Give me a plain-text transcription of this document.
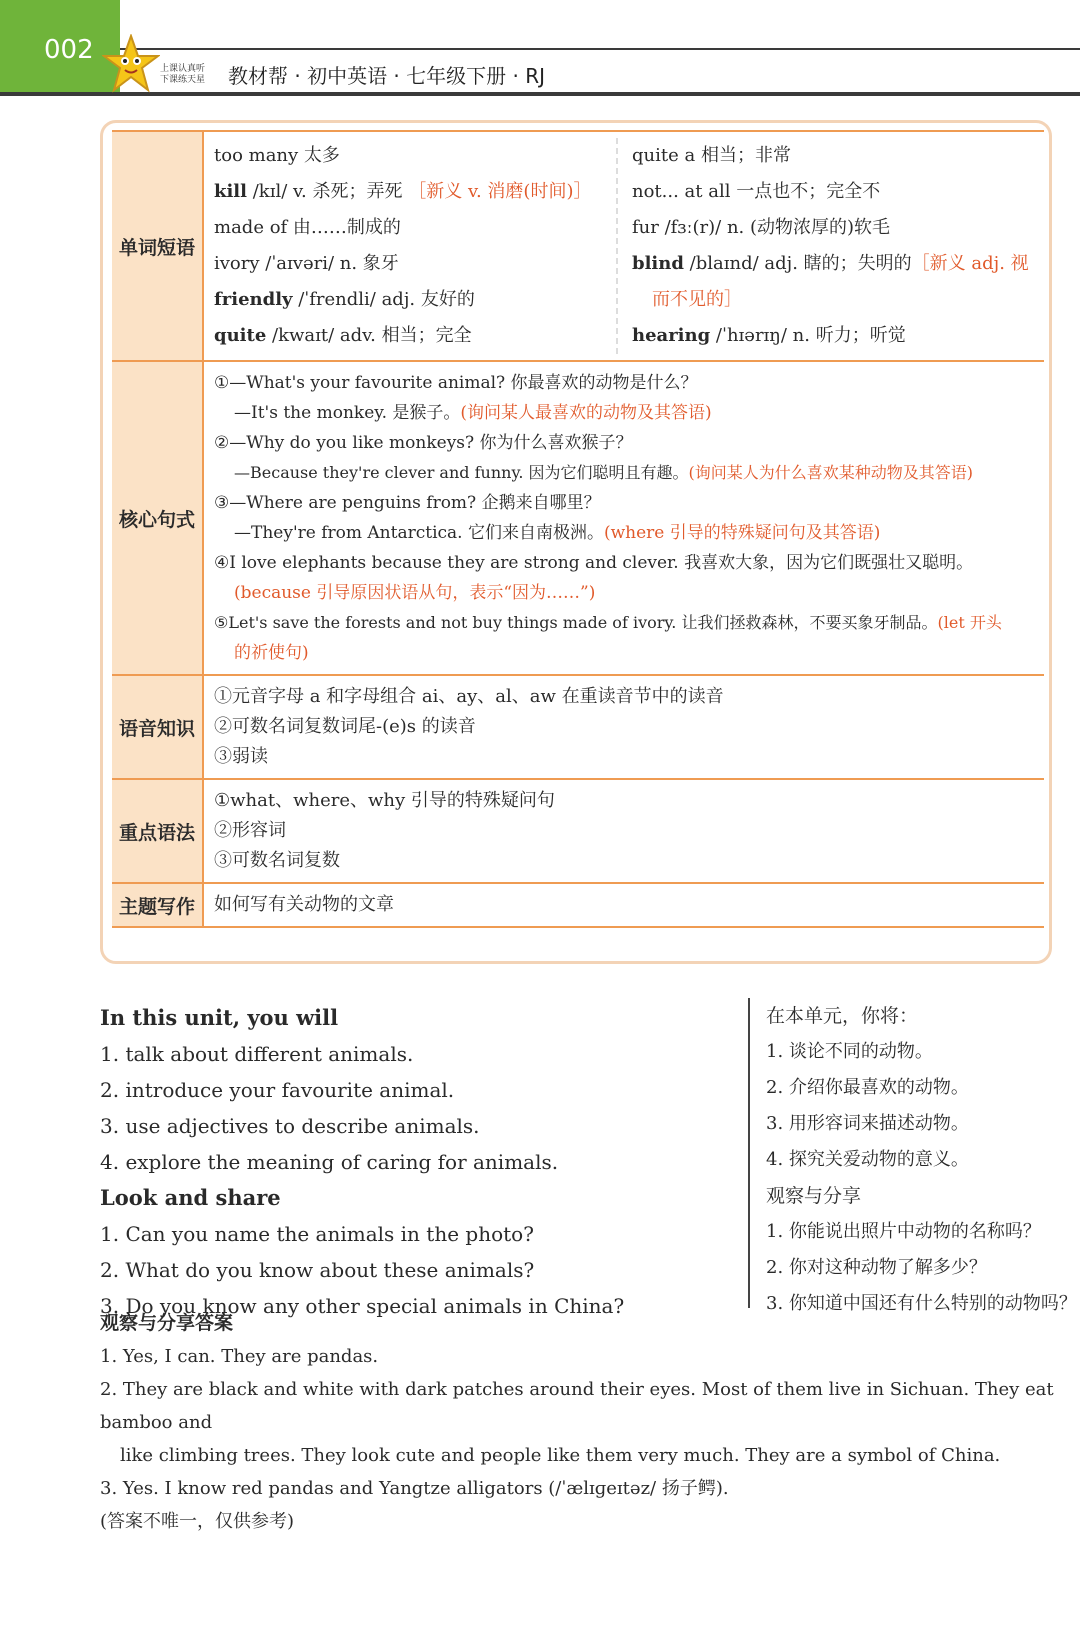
002
上课认真听
下课练天星 教材帮 · 初中英语 · 七年级下册 · RJ
单词短语
too many 太多
kill /kɪl/ v. 杀死；弄死 ［新义 v. 消磨(时间)］
made of 由……制成的
ivory /ˈaɪvəri/ n. 象牙
friendly /ˈfrendli/ adj. 友好的
quite /kwaɪt/ adv. 相当；完全
quite a 相当；非常
not... at all 一点也不；完全不
fur /fɜː(r)/ n. (动物浓厚的)软毛
blind /blaɪnd/ adj. 瞎的；失明的［新义 adj. 视
而不见的］
hearing /ˈhɪərɪŋ/ n. 听力；听觉
核心句式
①—What's your favourite animal? 你最喜欢的动物是什么？
—It's the monkey. 是猴子。(询问某人最喜欢的动物及其答语)
②—Why do you like monkeys? 你为什么喜欢猴子？
—Because they're clever and funny. 因为它们聪明且有趣。(询问某人为什么喜欢某种动物及其答语)
③—Where are penguins from? 企鹅来自哪里？
—They're from Antarctica. 它们来自南极洲。(where 引导的特殊疑问句及其答语)
④I love elephants because they are strong and clever. 我喜欢大象，因为它们既强壮又聪明。
(because 引导原因状语从句，表示“因为……”)
⑤Let's save the forests and not buy things made of ivory. 让我们拯救森林，不要买象牙制品。(let 开头
的祈使句)
语音知识
①元音字母 a 和字母组合 ai、ay、al、aw 在重读音节中的读音
②可数名词复数词尾-(e)s 的读音
③弱读
重点语法
①what、where、why 引导的特殊疑问句
②形容词
③可数名词复数
主题写作	如何写有关动物的文章
In this unit, you will
1. talk about different animals.
2. introduce your favourite animal.
3. use adjectives to describe animals.
4. explore the meaning of caring for animals.
Look and share
1. Can you name the animals in the photo?
2. What do you know about these animals?
3. Do you know any other special animals in China?
在本单元，你将：
1. 谈论不同的动物。
2. 介绍你最喜欢的动物。
3. 用形容词来描述动物。
4. 探究关爱动物的意义。
观察与分享
1. 你能说出照片中动物的名称吗？
2. 你对这种动物了解多少？
3. 你知道中国还有什么特别的动物吗？
观察与分享答案
1. Yes, I can. They are pandas.
2. They are black and white with dark patches around their eyes. Most of them live in Sichuan. They eat bamboo and
like climbing trees. They look cute and people like them very much. They are a symbol of China.
3. Yes. I know red pandas and Yangtze alligators (/ˈælɪɡeɪtəz/ 扬子鳄).
(答案不唯一，仅供参考)
